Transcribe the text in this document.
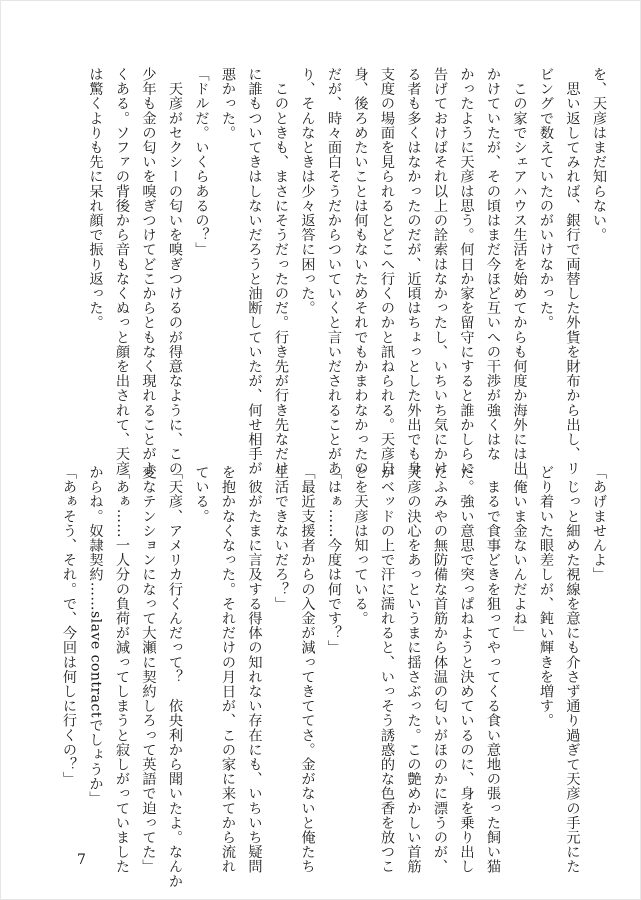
を、天彦はまだ知らない。
　思い返してみれば、銀行で両替した外貨を財布から出し、リ
ビングで数えていたのがいけなかった。
　この家でシェアハウス生活を始めてからも何度か海外には出
かけていたが、その頃はまだ今ほど互いへの干渉が強くはな
かったように天彦は思う。何日か家を留守にすると誰かしらに
告げておけばそれ以上の詮索はなかったし、いちいち気にかけ
る者も多くはなかったのだが、近頃はちょっとした外出でも身
支度の場面を見られるとどこへ行くのかと訊ねられる。天彦自
身、後ろめたいことは何もないためそれでもかまわなかったの
だが、時々面白そうだからついていくと言いだされることがあ
り、そんなときは少々返答に困った。
　このときも、まさにそうだったのだ。行き先が行き先なだけ
に誰もついてきはしないだろうと油断していたが、何せ相手が
悪かった。
「ドルだ。いくらあるの？」
　天彦がセクシーの匂いを嗅ぎつけるのが得意なように、この
少年も金の匂いを嗅ぎつけてどこからともなく現れることがよ
くある。ソファの背後から音もなくぬっと顔を出されて、天彦
は驚くよりも先に呆れ顔で振り返った。
「あげませんよ」
　じっと細めた視線を意にも介さず通り過ぎて天彦の手元にた
どり着いた眼差しが、鈍い輝きを増す。
「俺いま金ないんだよね」
　まるで食事どきを狙ってやってくる食い意地の張った飼い猫
だ。強い意思で突っぱねようと決めているのに、身を乗り出し
たふみやの無防備な首筋から体温の匂いがほのかに漂うのが、
天彦の決心をあっというまに揺さぶった。この艶めかしい首筋
がベッドの上で汗に濡れると、いっそう誘惑的な色香を放つこ
とを天彦は知っている。
「はぁ……今度は何です？」
「最近支援者からの入金が減ってきててさ。金がないと俺たち
生活できないだろ？」
　彼がたまに言及する得体の知れない存在にも、いちいち疑問
を抱かなくなった。それだけの月日が、この家に来てから流れ
ている。
「天彦、アメリカ行くんだって？　依央利から聞いたよ。なんか
変なテンションになって大瀬に契約しろって英語で迫ってた」
「あぁ……一人分の負荷が減ってしまうと寂しがっていました
からね。奴隷契約……slave contractでしょうか」
「あぁそう、それ。で、今回は何しに行くの？」
7
